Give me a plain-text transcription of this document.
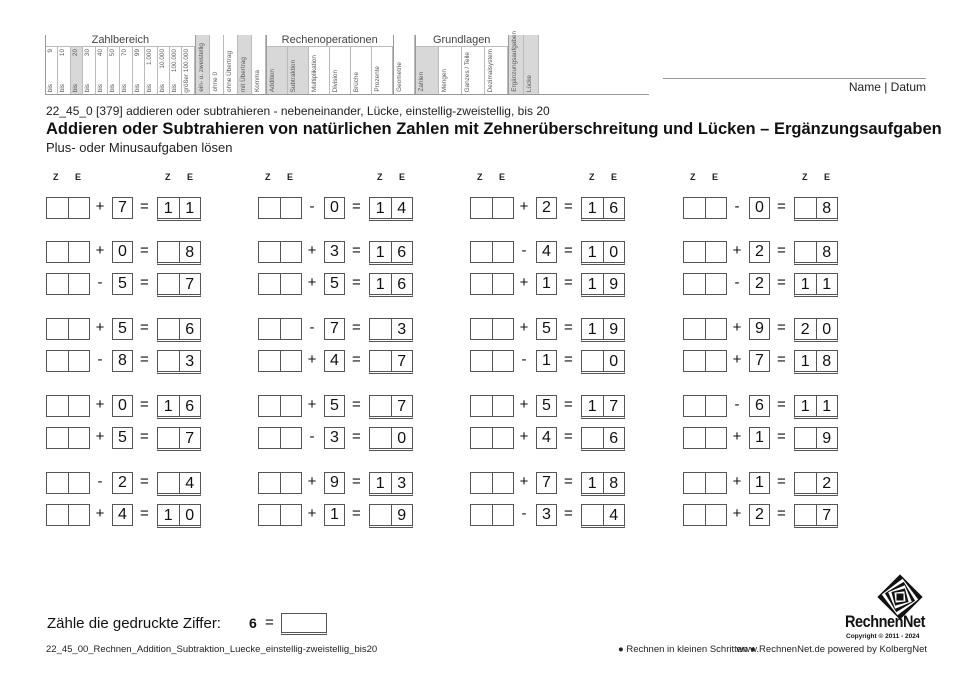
Zahlbereich
9
bis
10
bis
20
bis
30
bis
40
bis
50
bis
70
bis
99
bis
1.000
bis
10.000
bis
100.000
bis größer 100.000 ein- u. zweistellig ohne 0 ohne Übertrag mit Übertrag Komma
Rechenoperationen
Addition Subtraktion Multiplikation Division Brüche Prozente Geometrie
Grundlagen
Zahlen	Mengen	Ganzes / Teile	Dezimalsystem	Ergänzungsaufgaben Lücke	Name | Datum
22_45_0 [379] addieren oder subtrahieren - nebeneinander, Lücke, einstellig-zweistellig, bis 20
Addieren oder Subtrahieren von natürlichen Zahlen mit Zehnerüberschreitung und Lücken – Ergänzungsaufgaben
Plus- oder Minusaufgaben lösen
Z E	Z E
+ 7 = 1 1
+ 0 =	8
- 5 =	7
+ 5 =	6
- 8 =	3
+ 0 = 1 6
+ 5 =	7
- 2 =	4
+ 4 = 1 0
Z E	Z E
- 0 = 1 4
+ 3 = 1 6
+ 5 = 1 6
- 7 =	3
+ 4 =	7
+ 5 =	7
- 3 =	0
+ 9 = 1 3
+ 1 =	9
Z E	Z E
+ 2 = 1 6
- 4 = 1 0
+ 1 = 1 9
+ 5 = 1 9
- 1 =	0
+ 5 = 1 7
+ 4 =	6
+ 7 = 1 8
- 3 =	4
Z E	Z E
- 0 =	8
+ 2 =	8
- 2 = 1 1
+ 9 = 2 0
+ 7 = 1 8
- 6 = 1 1
+ 1 =	9
+ 1 =	2
+ 2 =	7
Zähle die gedruckte Ziffer: 6 =
22_45_00_Rechnen_Addition_Subtraktion_Luecke_einstellig-zweistellig_bis20	● Rechnen in kleinen Schritten ●
www.RechnenNet.de powered by KolbergNet
RechnenNet
Copyright © 2011 - 2024
